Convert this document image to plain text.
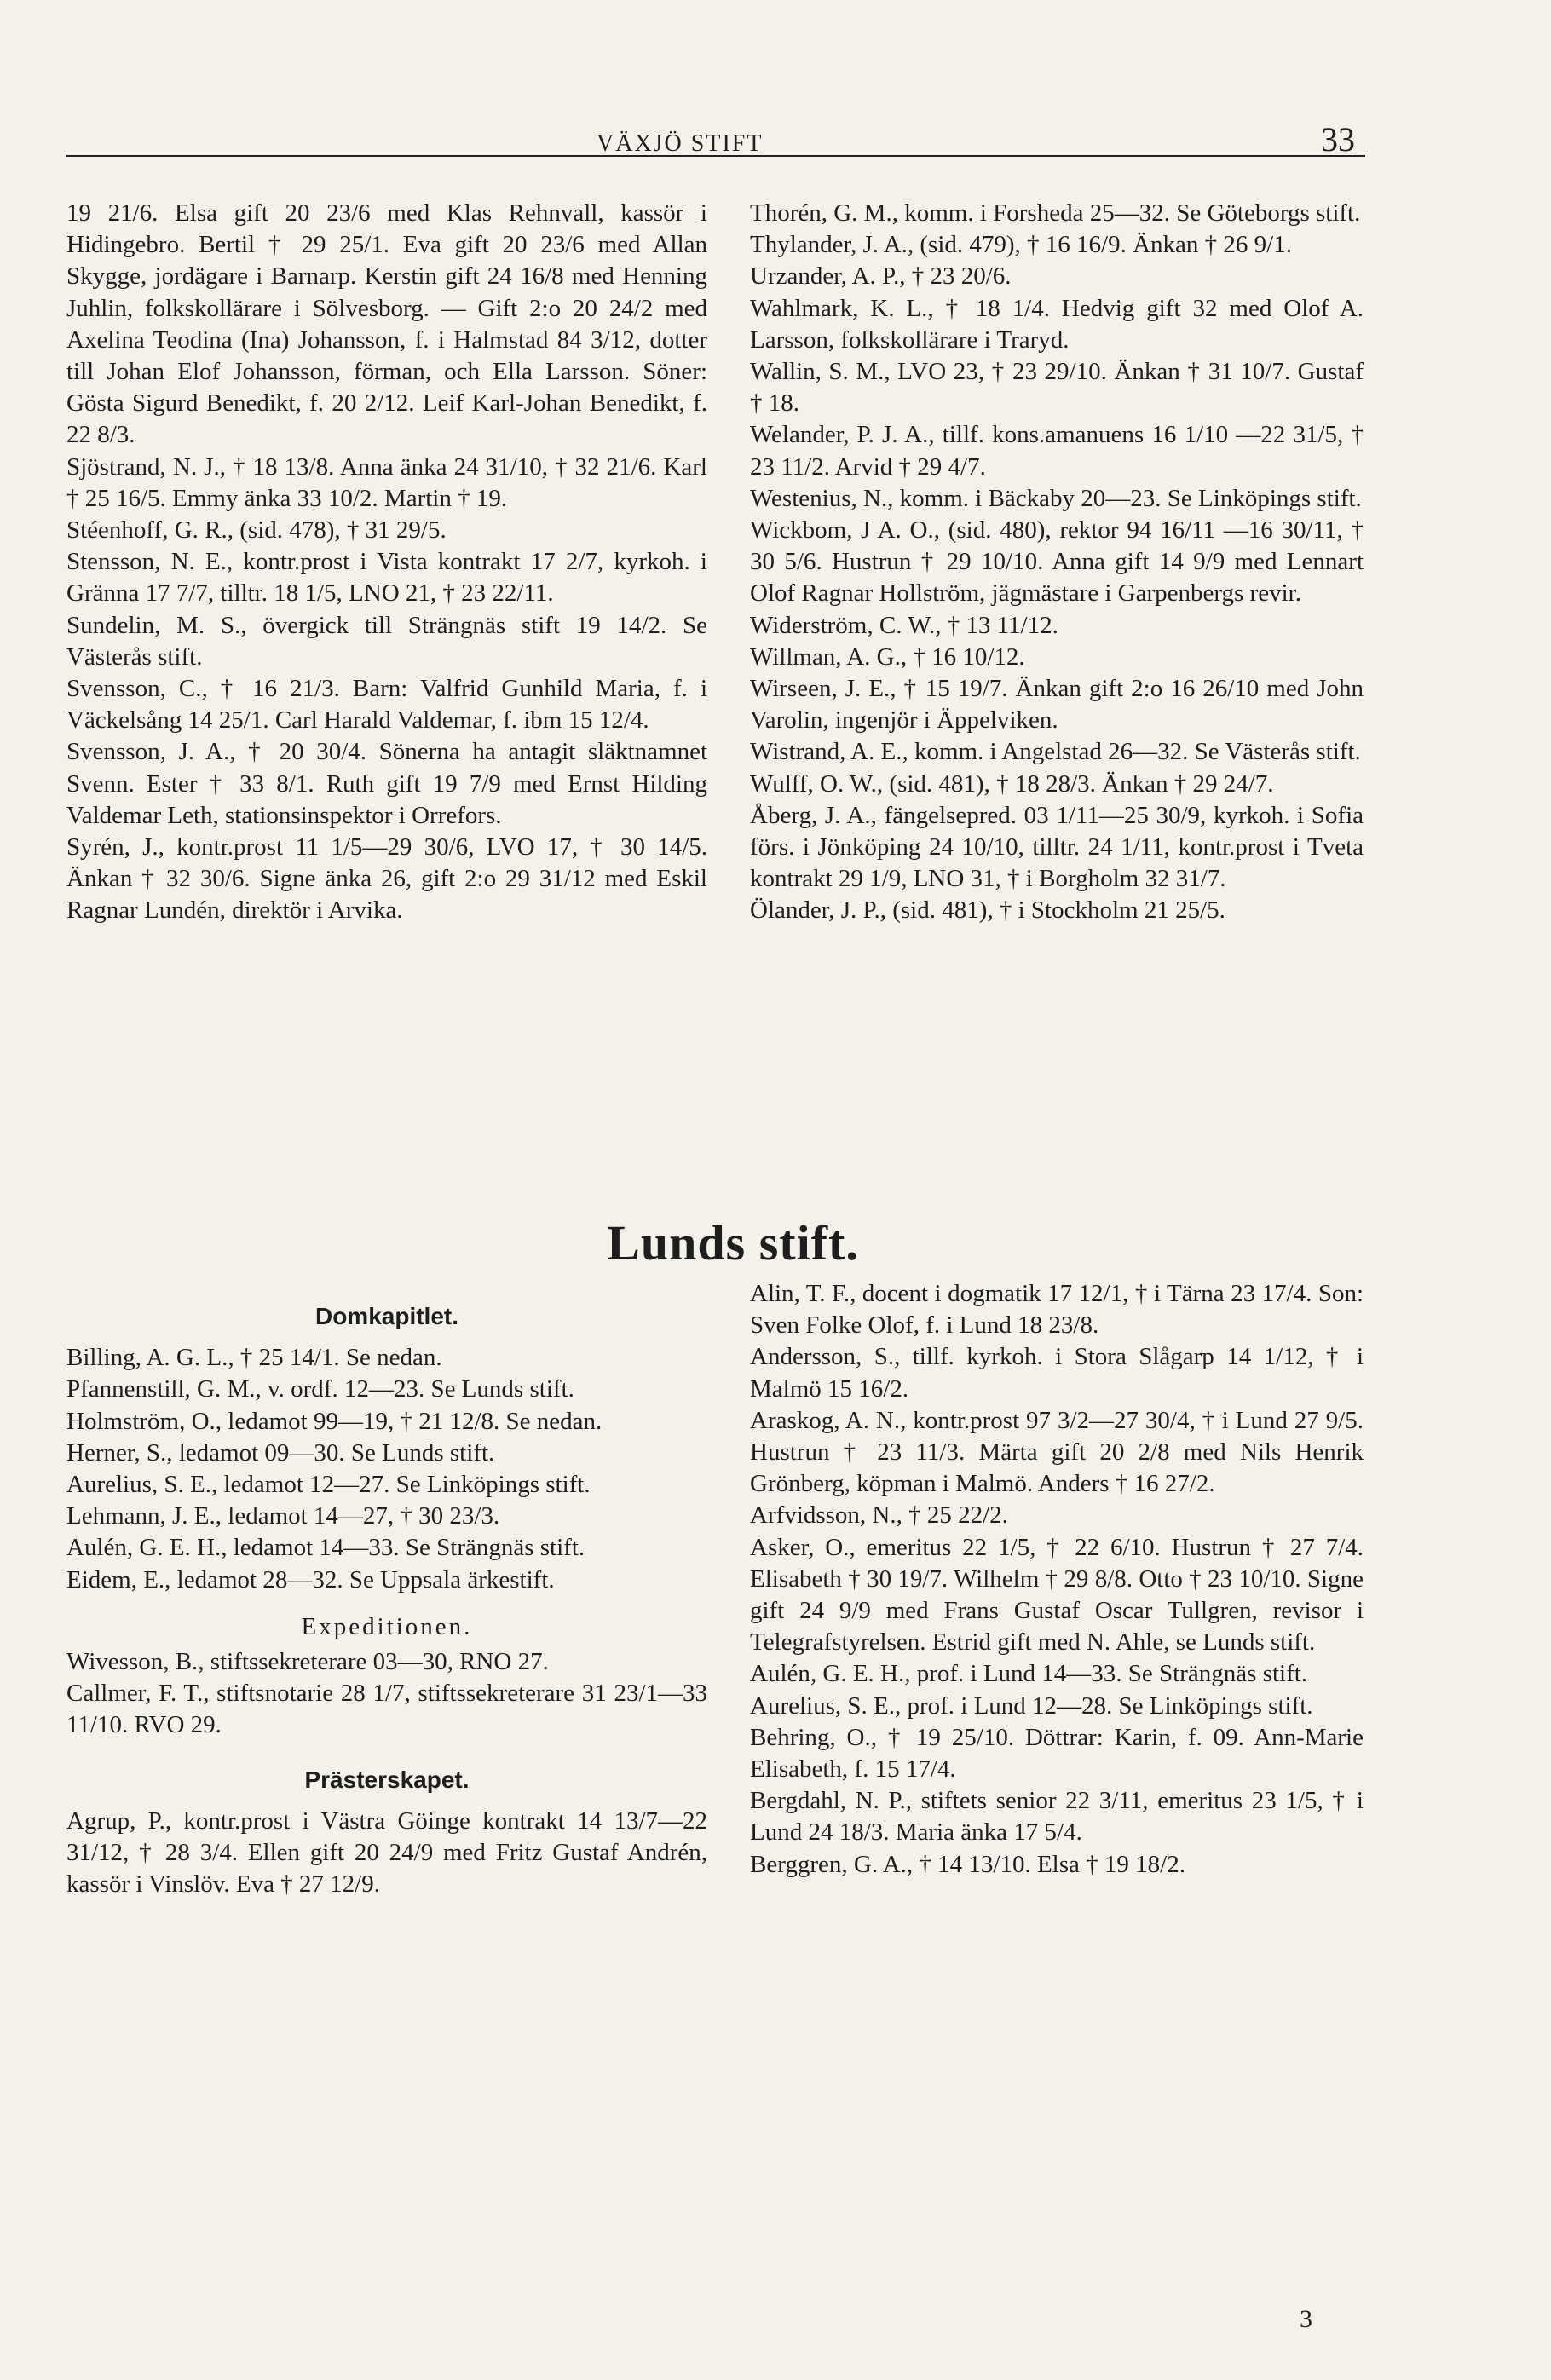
VÄXJÖ STIFT	33

19 21/6. Elsa gift 20 23/6 med Klas Rehnvall, kassör i Hidingebro. Bertil † 29 25/1. Eva gift 20 23/6 med Allan Skygge, jordägare i Barnarp. Kerstin gift 24 16/8 med Henning Juhlin, folkskollärare i Sölvesborg. — Gift 2:o 20 24/2 med Axelina Teodina (Ina) Johansson, f. i Halmstad 84 3/12, dotter till Johan Elof Johansson, förman, och Ella Larsson. Söner: Gösta Sigurd Benedikt, f. 20 2/12. Leif Karl-Johan Benedikt, f. 22 8/3.

Sjöstrand, N. J., † 18 13/8. Anna änka 24 31/10, † 32 21/6. Karl † 25 16/5. Emmy änka 33 10/2. Martin † 19.

Stéenhoff, G. R., (sid. 478), † 31 29/5.

Stensson, N. E., kontr.prost i Vista kontrakt 17 2/7, kyrkoh. i Gränna 17 7/7, tilltr. 18 1/5, LNO 21, † 23 22/11.

Sundelin, M. S., övergick till Strängnäs stift 19 14/2. Se Västerås stift.

Svensson, C., † 16 21/3. Barn: Valfrid Gunhild Maria, f. i Väckelsång 14 25/1. Carl Harald Valdemar, f. ibm 15 12/4.

Svensson, J. A., † 20 30/4. Sönerna ha antagit släktnamnet Svenn. Ester † 33 8/1. Ruth gift 19 7/9 med Ernst Hilding Valdemar Leth, stationsinspektor i Orrefors.

Syrén, J., kontr.prost 11 1/5—29 30/6, LVO 17, † 30 14/5. Änkan † 32 30/6. Signe änka 26, gift 2:o 29 31/12 med Eskil Ragnar Lundén, direktör i Arvika.

Thorén, G. M., komm. i Forsheda 25—32. Se Göteborgs stift.

Thylander, J. A., (sid. 479), † 16 16/9. Änkan † 26 9/1.

Urzander, A. P., † 23 20/6.

Wahlmark, K. L., † 18 1/4. Hedvig gift 32 med Olof A. Larsson, folkskollärare i Traryd.

Wallin, S. M., LVO 23, † 23 29/10. Änkan † 31 10/7. Gustaf † 18.

Welander, P. J. A., tillf. kons.amanuens 16 1/10 —22 31/5, † 23 11/2. Arvid † 29 4/7.

Westenius, N., komm. i Bäckaby 20—23. Se Linköpings stift.

Wickbom, J A. O., (sid. 480), rektor 94 16/11 —16 30/11, † 30 5/6. Hustrun † 29 10/10. Anna gift 14 9/9 med Lennart Olof Ragnar Hollström, jägmästare i Garpenbergs revir.

Widerström, C. W., † 13 11/12.

Willman, A. G., † 16 10/12.

Wirseen, J. E., † 15 19/7. Änkan gift 2:o 16 26/10 med John Varolin, ingenjör i Äppelviken.

Wistrand, A. E., komm. i Angelstad 26—32. Se Västerås stift.

Wulff, O. W., (sid. 481), † 18 28/3. Änkan † 29 24/7.

Åberg, J. A., fängelsepred. 03 1/11—25 30/9, kyrkoh. i Sofia förs. i Jönköping 24 10/10, tilltr. 24 1/11, kontr.prost i Tveta kontrakt 29 1/9, LNO 31, † i Borgholm 32 31/7.

Ölander, J. P., (sid. 481), † i Stockholm 21 25/5.

Lunds stift.
Domkapitlet.

Billing, A. G. L., † 25 14/1. Se nedan.

Pfannenstill, G. M., v. ordf. 12—23. Se Lunds stift.

Holmström, O., ledamot 99—19, † 21 12/8. Se nedan.

Herner, S., ledamot 09—30. Se Lunds stift.

Aurelius, S. E., ledamot 12—27. Se Linköpings stift.

Lehmann, J. E., ledamot 14—27, † 30 23/3.

Aulén, G. E. H., ledamot 14—33. Se Strängnäs stift.

Eidem, E., ledamot 28—32. Se Uppsala ärkestift.

Expeditionen.

Wivesson, B., stiftssekreterare 03—30, RNO 27.

Callmer, F. T., stiftsnotarie 28 1/7, stiftssekreterare 31 23/1—33 11/10. RVO 29.

Prästerskapet.

Agrup, P., kontr.prost i Västra Göinge kontrakt 14 13/7—22 31/12, † 28 3/4. Ellen gift 20 24/9 med Fritz Gustaf Andrén, kassör i Vinslöv. Eva † 27 12/9.

Alin, T. F., docent i dogmatik 17 12/1, † i Tärna 23 17/4. Son: Sven Folke Olof, f. i Lund 18 23/8.

Andersson, S., tillf. kyrkoh. i Stora Slågarp 14 1/12, † i Malmö 15 16/2.

Araskog, A. N., kontr.prost 97 3/2—27 30/4, † i Lund 27 9/5. Hustrun † 23 11/3. Märta gift 20 2/8 med Nils Henrik Grönberg, köpman i Malmö. Anders † 16 27/2.

Arfvidsson, N., † 25 22/2.

Asker, O., emeritus 22 1/5, † 22 6/10. Hustrun † 27 7/4. Elisabeth † 30 19/7. Wilhelm † 29 8/8. Otto † 23 10/10. Signe gift 24 9/9 med Frans Gustaf Oscar Tullgren, revisor i Telegrafstyrelsen. Estrid gift med N. Ahle, se Lunds stift.

Aulén, G. E. H., prof. i Lund 14—33. Se Strängnäs stift.

Aurelius, S. E., prof. i Lund 12—28. Se Linköpings stift.

Behring, O., † 19 25/10. Döttrar: Karin, f. 09. Ann-Marie Elisabeth, f. 15 17/4.

Bergdahl, N. P., stiftets senior 22 3/11, emeritus 23 1/5, † i Lund 24 18/3. Maria änka 17 5/4.

Berggren, G. A., † 14 13/10. Elsa † 19 18/2.

3
